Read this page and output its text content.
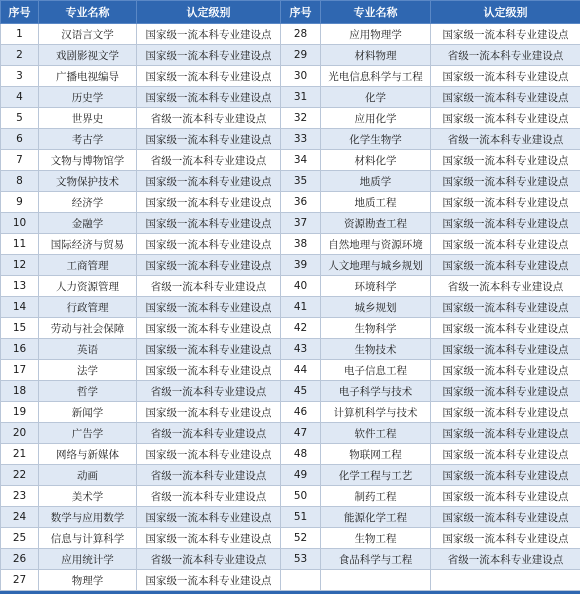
序号	专业名称	认定级别	序号	专业名称	认定级别
1	汉语言文学	国家级一流本科专业建设点	28	应用物理学	国家级一流本科专业建设点
2	戏剧影视文学	国家级一流本科专业建设点	29	材料物理	省级一流本科专业建设点
3	广播电视编导	国家级一流本科专业建设点	30	光电信息科学与工程	国家级一流本科专业建设点
4	历史学	国家级一流本科专业建设点	31	化学	国家级一流本科专业建设点
5	世界史	省级一流本科专业建设点	32	应用化学	国家级一流本科专业建设点
6	考古学	国家级一流本科专业建设点	33	化学生物学	省级一流本科专业建设点
7	文物与博物馆学	省级一流本科专业建设点	34	材料化学	国家级一流本科专业建设点
8	文物保护技术	国家级一流本科专业建设点	35	地质学	国家级一流本科专业建设点
9	经济学	国家级一流本科专业建设点	36	地质工程	国家级一流本科专业建设点
10	金融学	国家级一流本科专业建设点	37	资源勘查工程	国家级一流本科专业建设点
11	国际经济与贸易	国家级一流本科专业建设点	38	自然地理与资源环境	国家级一流本科专业建设点
12	工商管理	国家级一流本科专业建设点	39	人文地理与城乡规划	国家级一流本科专业建设点
13	人力资源管理	省级一流本科专业建设点	40	环境科学	省级一流本科专业建设点
14	行政管理	国家级一流本科专业建设点	41	城乡规划	国家级一流本科专业建设点
15	劳动与社会保障	国家级一流本科专业建设点	42	生物科学	国家级一流本科专业建设点
16	英语	国家级一流本科专业建设点	43	生物技术	国家级一流本科专业建设点
17	法学	国家级一流本科专业建设点	44	电子信息工程	国家级一流本科专业建设点
18	哲学	省级一流本科专业建设点	45	电子科学与技术	国家级一流本科专业建设点
19	新闻学	国家级一流本科专业建设点	46	计算机科学与技术	国家级一流本科专业建设点
20	广告学	省级一流本科专业建设点	47	软件工程	国家级一流本科专业建设点
21	网络与新媒体	国家级一流本科专业建设点	48	物联网工程	国家级一流本科专业建设点
22	动画	省级一流本科专业建设点	49	化学工程与工艺	国家级一流本科专业建设点
23	美术学	省级一流本科专业建设点	50	制药工程	国家级一流本科专业建设点
24	数学与应用数学	国家级一流本科专业建设点	51	能源化学工程	国家级一流本科专业建设点
25	信息与计算科学	国家级一流本科专业建设点	52	生物工程	国家级一流本科专业建设点
26	应用统计学	省级一流本科专业建设点	53	食品科学与工程	省级一流本科专业建设点
27	物理学	国家级一流本科专业建设点			
